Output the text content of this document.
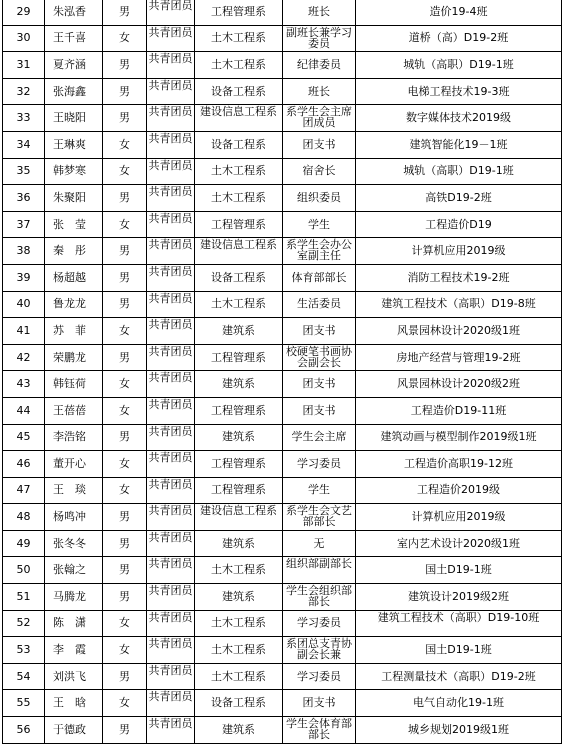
29	朱泓香	男	共青团员	工程管理系	班长	造价19-4班
30	王千喜	女	共青团员	土木工程系	副班长兼学习委员	道桥（高）D19-2班
31	夏齐涵	男	共青团员	土木工程系	纪律委员	城轨（高职）D19-1班
32	张海鑫	男	共青团员	设备工程系	班长	电梯工程技术19-3班
33	王晓阳	男	共青团员	建设信息工程系	系学生会主席团成员	数字媒体技术2019级
34	王琳爽	女	共青团员	设备工程系	团支书	建筑智能化19－1班
35	韩梦寒	女	共青团员	土木工程系	宿舍长	城轨（高职）D19-1班
36	朱聚阳	男	共青团员	土木工程系	组织委员	高铁D19-2班
37	张　莹	女	共青团员	工程管理系	学生	工程造价D19
38	秦　彤	男	共青团员	建设信息工程系	系学生会办公室副主任	计算机应用2019级
39	杨超越	男	共青团员	设备工程系	体育部部长	消防工程技术19-2班
40	鲁龙龙	男	共青团员	土木工程系	生活委员	建筑工程技术（高职）D19-8班
41	苏　菲	女	共青团员	建筑系	团支书	风景园林设计2020级1班
42	荣鹏龙	男	共青团员	工程管理系	校硬笔书画协会副会长	房地产经营与管理19-2班
43	韩钰荷	女	共青团员	建筑系	团支书	风景园林设计2020级2班
44	王蓓蓓	女	共青团员	工程管理系	团支书	工程造价D19-11班
45	李浩铭	男	共青团员	建筑系	学生会主席	建筑动画与模型制作2019级1班
46	董开心	女	共青团员	工程管理系	学习委员	工程造价高职19-12班
47	王　琰	女	共青团员	工程管理系	学生	工程造价2019级
48	杨鸣冲	男	共青团员	建设信息工程系	系学生会文艺部部长	计算机应用2019级
49	张冬冬	男	共青团员	建筑系	无	室内艺术设计2020级1班
50	张翰之	男	共青团员	土木工程系	组织部副部长	国土D19-1班
51	马腾龙	男	共青团员	建筑系	学生会组织部部长	建筑设计2019级2班
52	陈　潇	女	共青团员	土木工程系	学习委员	建筑工程技术（高职）D19-10班
53	李　霞	女	共青团员	土木工程系	系团总支青协副会长兼	国土D19-1班
54	刘洪飞	男	共青团员	土木工程系	学习委员	工程测量技术（高职）D19-2班
55	王　晗	女	共青团员	设备工程系	团支书	电气自动化19-1班
56	于德政	男	共青团员	建筑系	学生会体育部部长	城乡规划2019级1班
